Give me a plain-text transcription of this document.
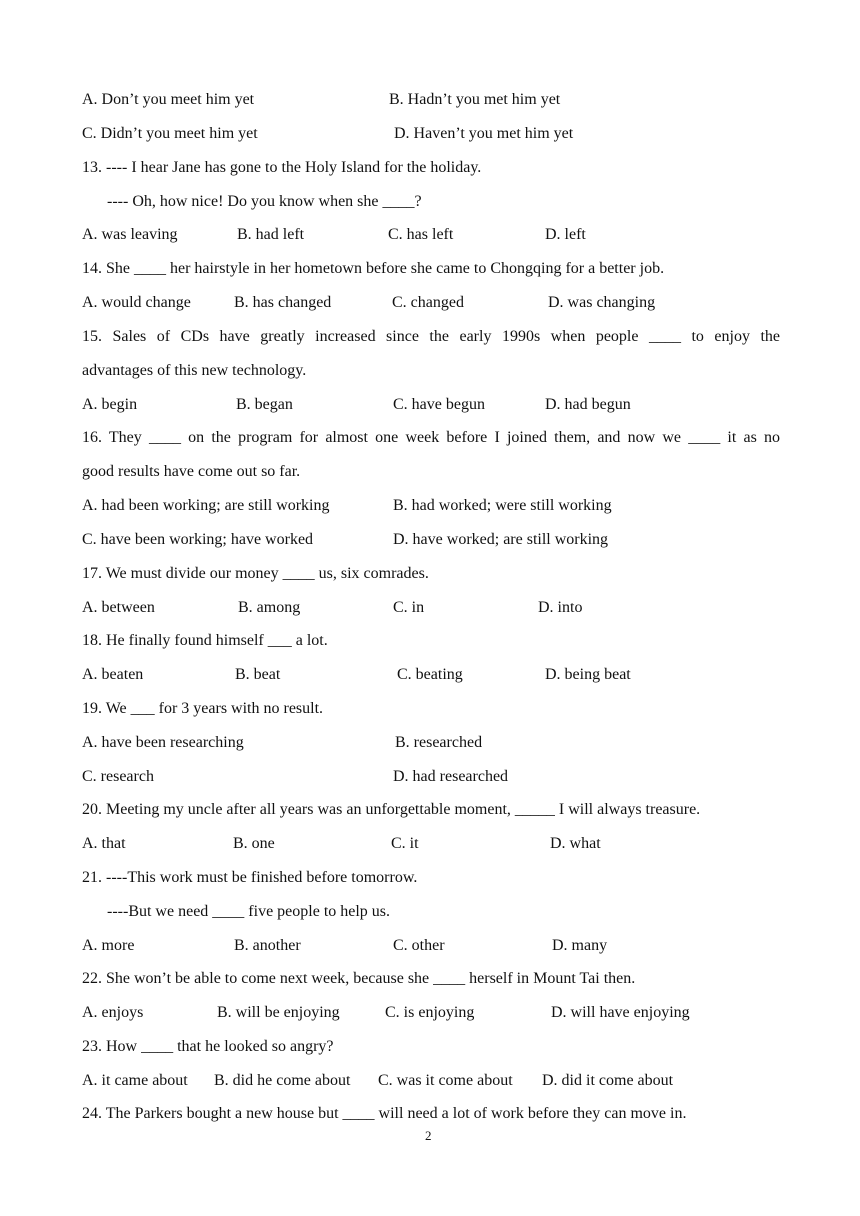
A. Don’t you meet him yet	B. Hadn’t you met him yet
C. Didn’t you meet him yet	D. Haven’t you met him yet
13. ---- I hear Jane has gone to the Holy Island for the holiday.
---- Oh, how nice! Do you know when she ____?
A. was leaving	B. had left	C. has left	D. left
14. She ____ her hairstyle in her hometown before she came to Chongqing for a better job.
A. would change	B. has changed	C. changed	D. was changing
15. Sales of CDs have greatly increased since the early 1990s when people ____ to enjoy the
advantages of this new technology.
A. begin	B. began	C. have begun	D. had begun
16. They ____ on the program for almost one week before I joined them, and now we ____ it as no
good results have come out so far.
A. had been working; are still working	B. had worked; were still working
C. have been working; have worked	D. have worked; are still working
17. We must divide our money ____ us, six comrades.
A. between	B. among	C. in	D. into
18. He finally found himself ___ a lot.
A. beaten	B. beat	C. beating	D. being beat
19. We ___ for 3 years with no result.
A. have been researching	B. researched
C. research	D. had researched
20. Meeting my uncle after all years was an unforgettable moment, _____ I will always treasure.
A. that	B. one	C. it	D. what
21. ----This work must be finished before tomorrow.
----But we need ____ five people to help us.
A. more	B. another	C. other	D. many
22. She won’t be able to come next week, because she ____ herself in Mount Tai then.
A. enjoys	B. will be enjoying	C. is enjoying	D. will have enjoying
23. How ____ that he looked so angry?
A. it came about B. did he come about C. was it come about D. did it come about
24. The Parkers bought a new house but ____ will need a lot of work before they can move in.
2
